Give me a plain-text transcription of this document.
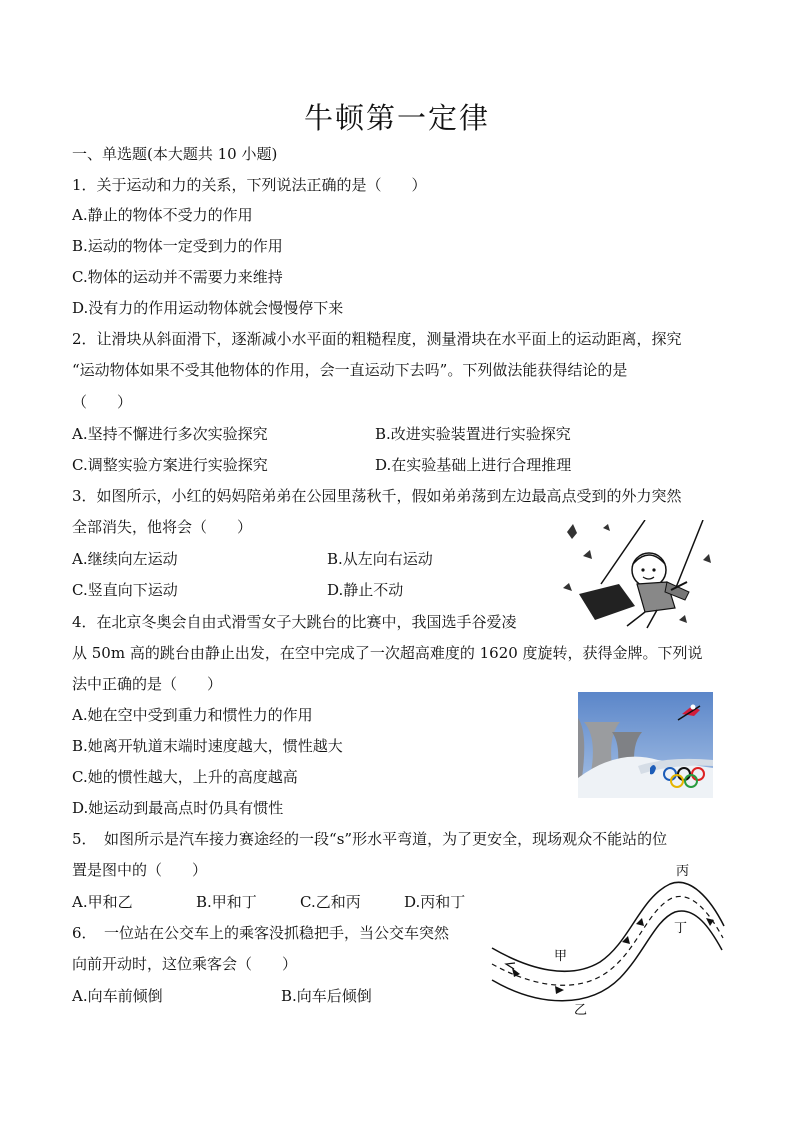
牛顿第一定律
一、单选题(本大题共 10 小题)
1．关于运动和力的关系，下列说法正确的是（　　）
A.静止的物体不受力的作用
B.运动的物体一定受到力的作用
C.物体的运动并不需要力来维持
D.没有力的作用运动物体就会慢慢停下来
2．让滑块从斜面滑下，逐渐减小水平面的粗糙程度，测量滑块在水平面上的运动距离，探究
“运动物体如果不受其他物体的作用，会一直运动下去吗”。下列做法能获得结论的是
（　　）
A.坚持不懈进行多次实验探究	B.改进实验装置进行实验探究
C.调整实验方案进行实验探究	D.在实验基础上进行合理推理
3．如图所示，小红的妈妈陪弟弟在公园里荡秋千，假如弟弟荡到左边最高点受到的外力突然
全部消失，他将会（　　）
A.继续向左运动	B.从左向右运动
C.竖直向下运动	D.静止不动
4．在北京冬奥会自由式滑雪女子大跳台的比赛中，我国选手谷爱凌
从 50m 高的跳台由静止出发，在空中完成了一次超高难度的 1620 度旋转，获得金牌。下列说
法中正确的是（　　）
A.她在空中受到重力和惯性力的作用
B.她离开轨道末端时速度越大，惯性越大
C.她的惯性越大，上升的高度越高
D.她运动到最高点时仍具有惯性
5．　如图所示是汽车接力赛途经的一段“s”形水平弯道，为了更安全，现场观众不能站的位
置是图中的（　　）
A.甲和乙	B.甲和丁	C.乙和丙	D.丙和丁
丙
丁
甲
乙
6．　一位站在公交车上的乘客没抓稳把手，当公交车突然
向前开动时，这位乘客会（　　）
A.向车前倾倒	B.向车后倾倒
